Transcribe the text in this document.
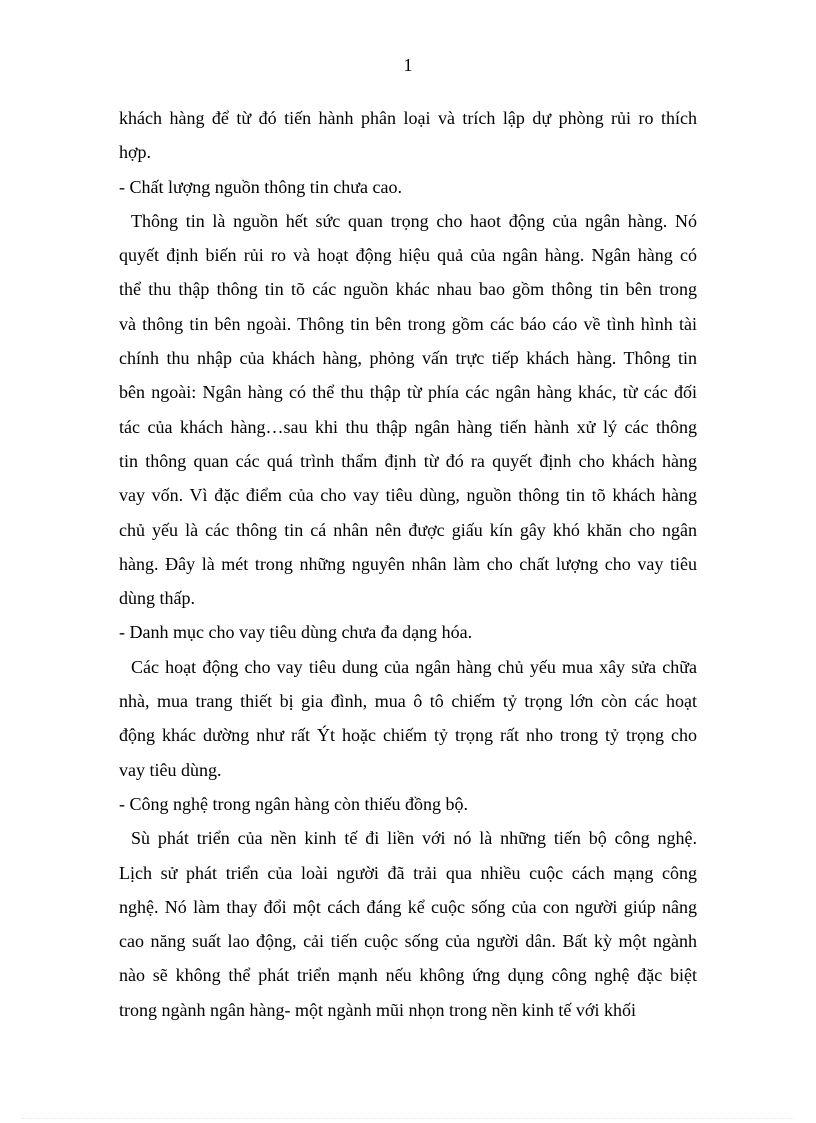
1
khách hàng để từ đó tiến hành phân loại và trích lập dự phòng rủi ro thích
hợp.
- Chất lượng nguồn thông tin chưa cao.
Thông tin là nguồn hết sức quan trọng cho haot động của ngân hàng. Nó
quyết định biến rủi ro và hoạt động hiệu quả của ngân hàng. Ngân hàng có
thể thu thập thông tin tõ các nguồn khác nhau bao gồm thông tin bên trong
và thông tin bên ngoài. Thông tin bên trong gồm các báo cáo về tình hình tài
chính thu nhập của khách hàng, phỏng vấn trực tiếp khách hàng. Thông tin
bên ngoài: Ngân hàng có thể thu thập từ phía các ngân hàng khác, từ các đối
tác của khách hàng…sau khi thu thập ngân hàng tiến hành xử lý các thông
tin thông quan các quá trình thẩm định từ đó ra quyết định cho khách hàng
vay vốn. Vì đặc điểm của cho vay tiêu dùng, nguồn thông tin tõ khách hàng
chủ yếu là các thông tin cá nhân nên được giấu kín gây khó khăn cho ngân
hàng. Đây là mét trong những nguyên nhân làm cho chất lượng cho vay tiêu
dùng thấp.
- Danh mục cho vay tiêu dùng chưa đa dạng hóa.
Các hoạt động cho vay tiêu dung của ngân hàng chủ yếu mua xây sửa chữa
nhà, mua trang thiết bị gia đình, mua ô tô chiếm tỷ trọng lớn còn các hoạt
động khác dường như rất Ýt hoặc chiếm tỷ trọng rất nho trong tỷ trọng cho
vay tiêu dùng.
- Công nghệ trong ngân hàng còn thiếu đồng bộ.
Sù phát triển của nền kinh tế đi liền với nó là những tiến bộ công nghệ.
Lịch sử phát triển của loài người đã trải qua nhiều cuộc cách mạng công
nghệ. Nó làm thay đổi một cách đáng kể cuộc sống của con người giúp nâng
cao năng suất lao động, cải tiến cuộc sống của người dân. Bất kỳ một ngành
nào sẽ không thể phát triển mạnh nếu không ứng dụng công nghệ đặc biệt
trong ngành ngân hàng- một ngành mũi nhọn trong nền kinh tế với khối
